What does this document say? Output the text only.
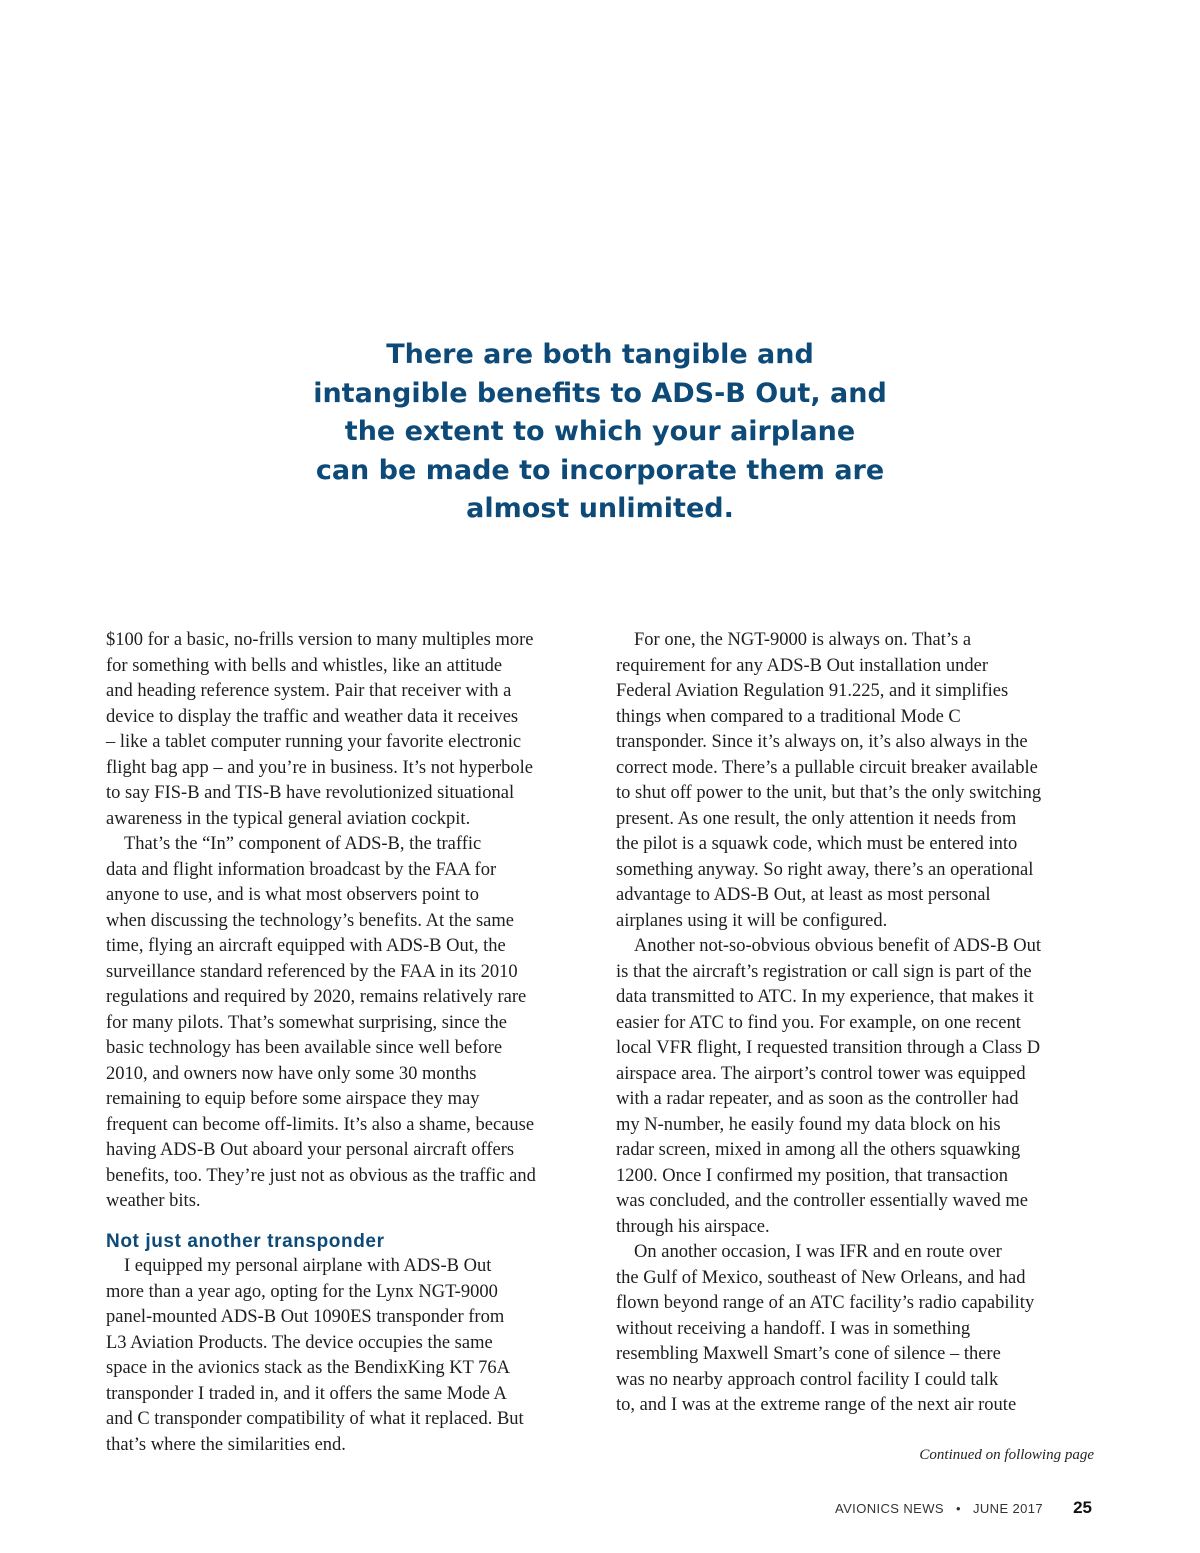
There are both tangible and
intangible benefits to ADS-B Out, and
the extent to which your airplane
can be made to incorporate them are
almost unlimited.
$100 for a basic, no-frills version to many multiples more
for something with bells and whistles, like an attitude
and heading reference system. Pair that receiver with a
device to display the traffic and weather data it receives
– like a tablet computer running your favorite electronic
flight bag app – and you’re in business. It’s not hyperbole
to say FIS-B and TIS-B have revolutionized situational
awareness in the typical general aviation cockpit.
That’s the “In” component of ADS-B, the traffic
data and flight information broadcast by the FAA for
anyone to use, and is what most observers point to
when discussing the technology’s benefits. At the same
time, flying an aircraft equipped with ADS-B Out, the
surveillance standard referenced by the FAA in its 2010
regulations and required by 2020, remains relatively rare
for many pilots. That’s somewhat surprising, since the
basic technology has been available since well before
2010, and owners now have only some 30 months
remaining to equip before some airspace they may
frequent can become off-limits. It’s also a shame, because
having ADS-B Out aboard your personal aircraft offers
benefits, too. They’re just not as obvious as the traffic and
weather bits.
Not just another transponder
I equipped my personal airplane with ADS-B Out
more than a year ago, opting for the Lynx NGT-9000
panel-mounted ADS-B Out 1090ES transponder from
L3 Aviation Products. The device occupies the same
space in the avionics stack as the BendixKing KT 76A
transponder I traded in, and it offers the same Mode A
and C transponder compatibility of what it replaced. But
that’s where the similarities end.
For one, the NGT-9000 is always on. That’s a
requirement for any ADS-B Out installation under
Federal Aviation Regulation 91.225, and it simplifies
things when compared to a traditional Mode C
transponder. Since it’s always on, it’s also always in the
correct mode. There’s a pullable circuit breaker available
to shut off power to the unit, but that’s the only switching
present. As one result, the only attention it needs from
the pilot is a squawk code, which must be entered into
something anyway. So right away, there’s an operational
advantage to ADS-B Out, at least as most personal
airplanes using it will be configured.
Another not-so-obvious obvious benefit of ADS-B Out
is that the aircraft’s registration or call sign is part of the
data transmitted to ATC. In my experience, that makes it
easier for ATC to find you. For example, on one recent
local VFR flight, I requested transition through a Class D
airspace area. The airport’s control tower was equipped
with a radar repeater, and as soon as the controller had
my N-number, he easily found my data block on his
radar screen, mixed in among all the others squawking
1200. Once I confirmed my position, that transaction
was concluded, and the controller essentially waved me
through his airspace.
On another occasion, I was IFR and en route over
the Gulf of Mexico, southeast of New Orleans, and had
flown beyond range of an ATC facility’s radio capability
without receiving a handoff. I was in something
resembling Maxwell Smart’s cone of silence – there
was no nearby approach control facility I could talk
to, and I was at the extreme range of the next air route
Continued on following page
AVIONICS NEWS • JUNE 2017 25
